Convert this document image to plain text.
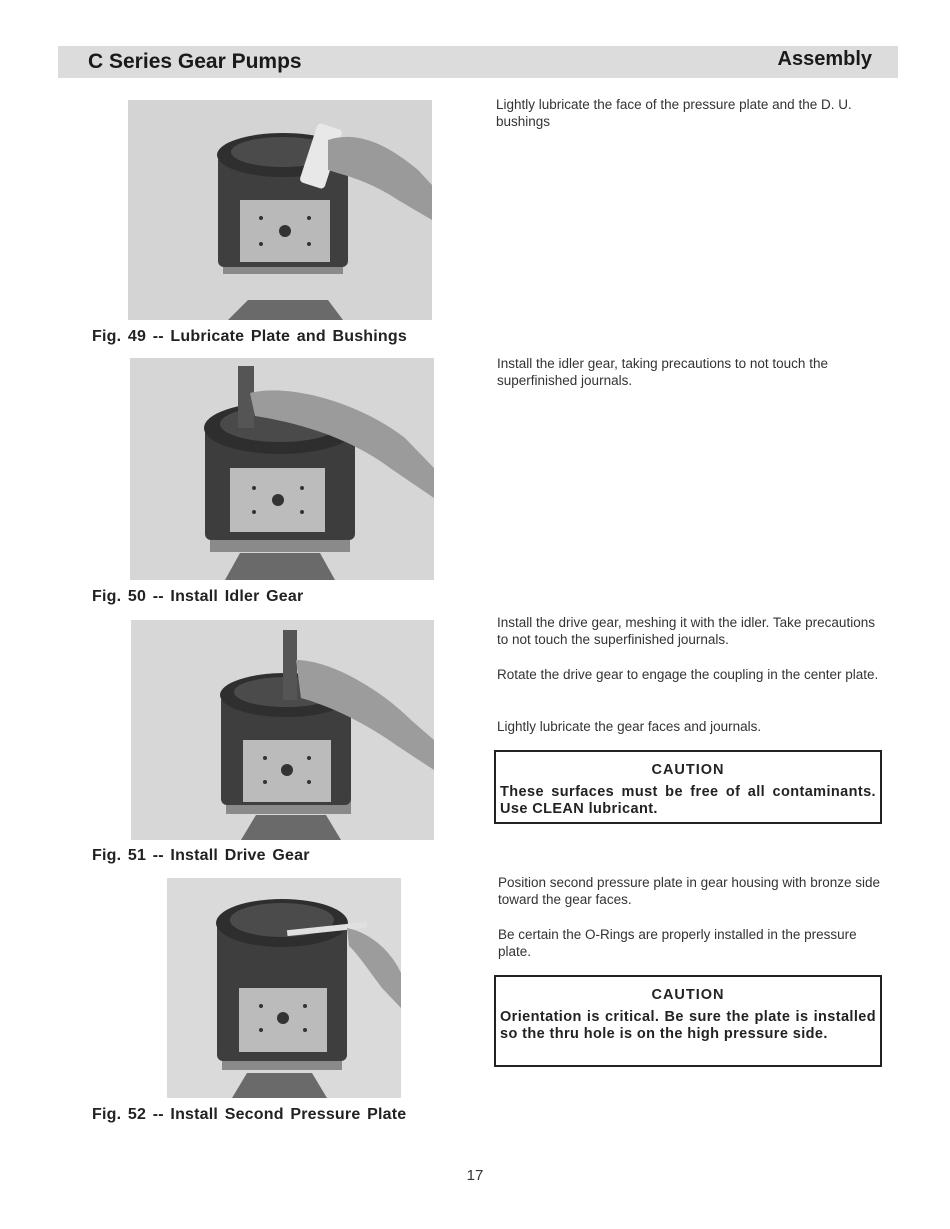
C Series Gear Pumps	Assembly
Fig. 49 -- Lubricate Plate and Bushings
Fig. 50 -- Install Idler Gear
Fig. 51 -- Install Drive Gear
Fig. 52 -- Install Second Pressure Plate

Lightly lubricate the face of the pressure plate and the D. U. bushings

Install the idler gear, taking precautions to not touch the superfinished journals.

Install the drive gear, meshing it with the idler. Take precautions to not touch the superfinished journals.

Rotate the drive gear to engage the coupling in the center plate.

Lightly lubricate the gear faces and journals.

CAUTION
These surfaces must be free of all contaminants. Use CLEAN lubricant.

Position second pressure plate in gear housing with bronze side toward the gear faces.

Be certain the O-Rings are properly installed in the pressure plate.

CAUTION
Orientation is critical. Be sure the plate is installed so the thru hole is on the high pressure side.
17
